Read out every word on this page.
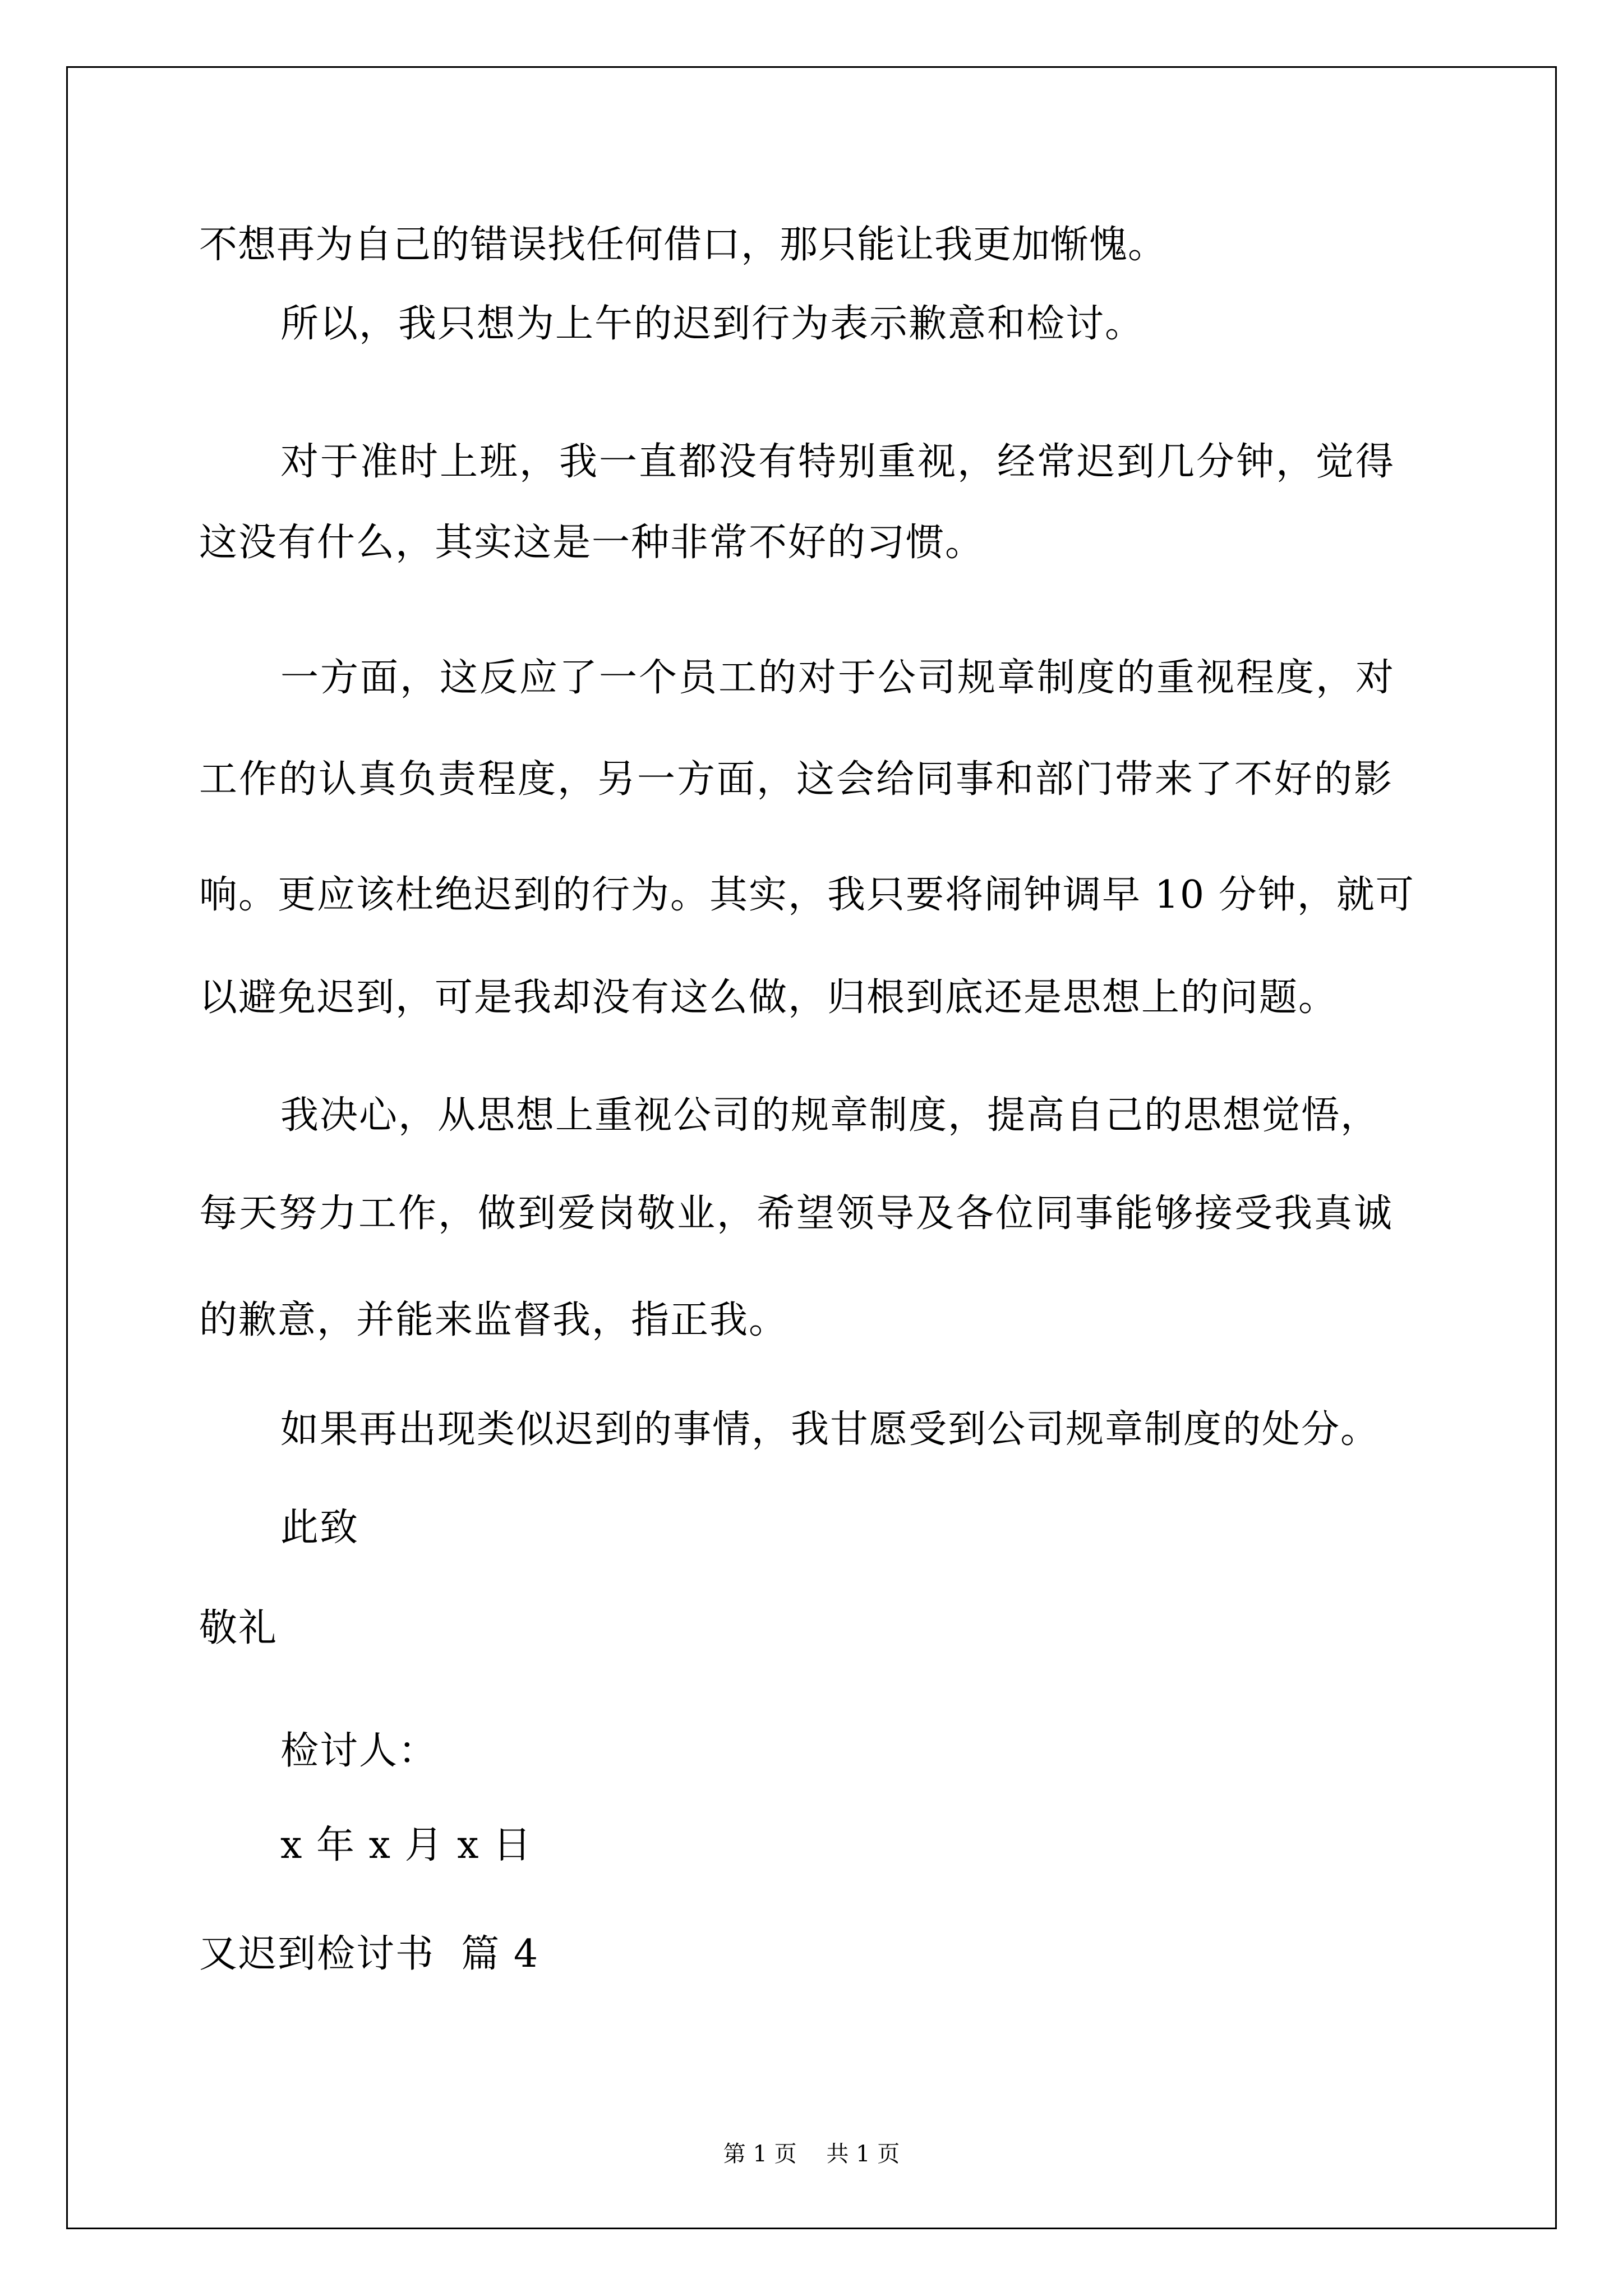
不想再为自己的错误找任何借口，那只能让我更加惭愧。
所以，我只想为上午的迟到行为表示歉意和检讨。
对于准时上班，我一直都没有特别重视，经常迟到几分钟，觉得
这没有什么，其实这是一种非常不好的习惯。
一方面，这反应了一个员工的对于公司规章制度的重视程度，对
工作的认真负责程度，另一方面，这会给同事和部门带来了不好的影
响。更应该杜绝迟到的行为。其实，我只要将闹钟调早 10 分钟，就可
以避免迟到，可是我却没有这么做，归根到底还是思想上的问题。
我决心，从思想上重视公司的规章制度，提高自己的思想觉悟，
每天努力工作，做到爱岗敬业，希望领导及各位同事能够接受我真诚
的歉意，并能来监督我，指正我。
如果再出现类似迟到的事情，我甘愿受到公司规章制度的处分。
此致
敬礼
检讨人：
x 年 x 月 x 日
又迟到检讨书  篇 4
第 1 页 共 1 页
